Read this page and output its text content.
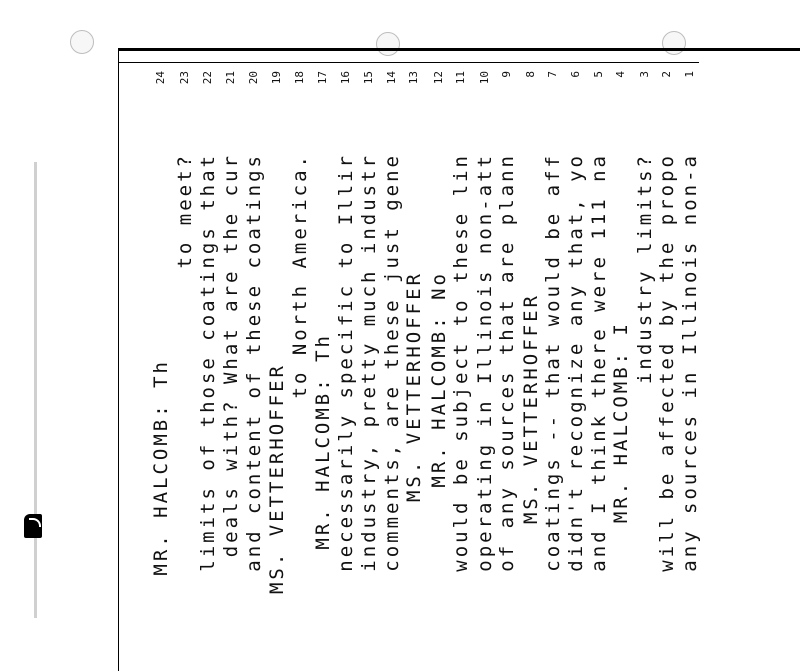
1
any sources in Illinois non-a
2
will be affected by the propo
3
industry limits?
4
MR. HALCOMB: I
5
and I think there were 111 na
6
didn't recognize any that, yo
7
coatings -- that would be aff
8
MS. VETTERHOFFER
9
of any sources that are plann
10
operating in Illinois non-att
11
would be subject to these lin
12
MR. HALCOMB: No
13
MS. VETTERHOFFER
14
comments, are these just gene
15
industry, pretty much industr
16
necessarily specific to Illir
17
MR. HALCOMB: Th
18
to North America.
19
MS. VETTERHOFFER
20
and content of these coatings
21
deals with? What are the cur
22
limits of those coatings that
23
to meet?
24
MR. HALCOMB: Th
